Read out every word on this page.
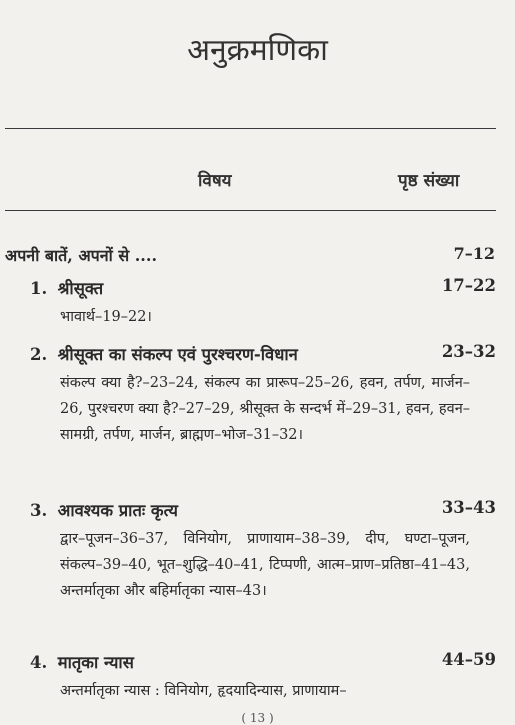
अनुक्रमणिका
विषय	पृष्ठ संख्या
अपनी बातें, अपनों से ....	7–12
1. श्रीसूक्त	17–22
भावार्थ–19–22।
2. श्रीसूक्त का संकल्प एवं पुरश्चरण-विधान	23–32
संकल्प क्या है?–23–24, संकल्प का प्रारूप–25–26, हवन, तर्पण, मार्जन–26, पुरश्चरण क्या है?–27–29, श्रीसूक्त के सन्दर्भ में–29–31, हवन, हवन–सामग्री, तर्पण, मार्जन, ब्राह्मण–भोज–31–32।
3. आवश्यक प्रातः कृत्य	33–43
द्वार–पूजन–36–37, विनियोग, प्राणायाम–38–39, दीप, घण्टा–पूजन, संकल्प–39–40, भूत–शुद्धि–40–41, टिप्पणी, आत्म–प्राण–प्रतिष्ठा–41–43, अन्तर्मातृका और बहिर्मातृका न्यास–43।
4. मातृका न्यास	44–59
अन्तर्मातृका न्यास : विनियोग, हृदयादिन्यास, प्राणायाम–
( 13 )
